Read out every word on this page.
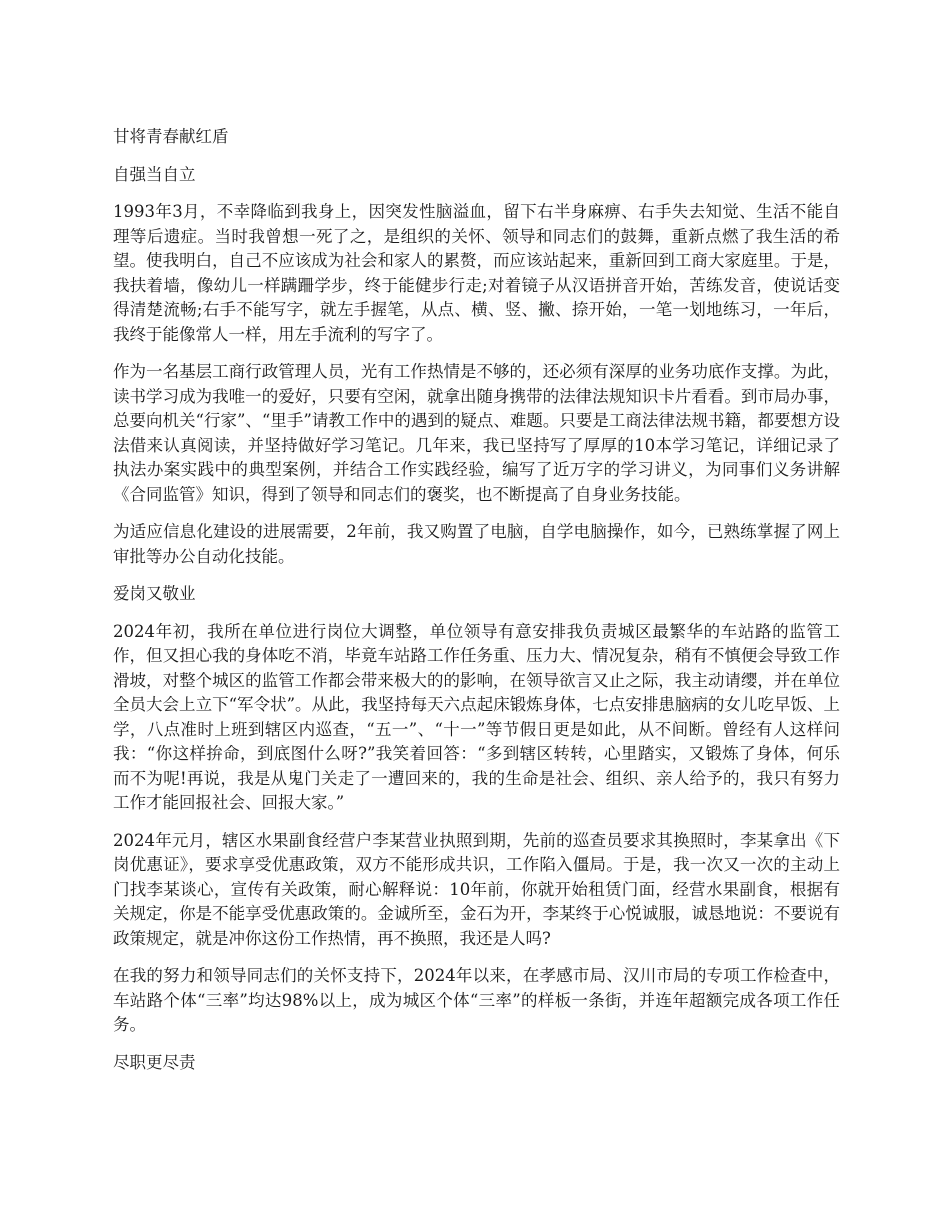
甘将青春献红盾

自强当自立

1993年3月，不幸降临到我身上，因突发性脑溢血，留下右半身麻痹、右手失去知觉、生活不能自理等后遗症。当时我曾想一死了之，是组织的关怀、领导和同志们的鼓舞，重新点燃了我生活的希望。使我明白，自己不应该成为社会和家人的累赘，而应该站起来，重新回到工商大家庭里。于是，我扶着墙，像幼儿一样蹒跚学步，终于能健步行走;对着镜子从汉语拼音开始，苦练发音，使说话变得清楚流畅;右手不能写字，就左手握笔，从点、横、竖、撇、捺开始，一笔一划地练习，一年后，我终于能像常人一样，用左手流利的写字了。

作为一名基层工商行政管理人员，光有工作热情是不够的，还必须有深厚的业务功底作支撑。为此，读书学习成为我唯一的爱好，只要有空闲，就拿出随身携带的法律法规知识卡片看看。到市局办事，总要向机关“行家”、“里手”请教工作中的遇到的疑点、难题。只要是工商法律法规书籍，都要想方设法借来认真阅读，并坚持做好学习笔记。几年来，我已坚持写了厚厚的10本学习笔记，详细记录了执法办案实践中的典型案例，并结合工作实践经验，编写了近万字的学习讲义，为同事们义务讲解《合同监管》知识，得到了领导和同志们的褒奖，也不断提高了自身业务技能。

为适应信息化建设的进展需要，2年前，我又购置了电脑，自学电脑操作，如今，已熟练掌握了网上审批等办公自动化技能。

爱岗又敬业

2024年初，我所在单位进行岗位大调整，单位领导有意安排我负责城区最繁华的车站路的监管工作，但又担心我的身体吃不消，毕竟车站路工作任务重、压力大、情况复杂，稍有不慎便会导致工作滑坡，对整个城区的监管工作都会带来极大的的影响，在领导欲言又止之际，我主动请缨，并在单位全员大会上立下“军令状”。从此，我坚持每天六点起床锻炼身体，七点安排患脑病的女儿吃早饭、上学，八点准时上班到辖区内巡查，“五一”、“十一”等节假日更是如此，从不间断。曾经有人这样问我：“你这样拚命，到底图什么呀?”我笑着回答：“多到辖区转转，心里踏实，又锻炼了身体，何乐而不为呢!再说，我是从鬼门关走了一遭回来的，我的生命是社会、组织、亲人给予的，我只有努力工作才能回报社会、回报大家。”

2024年元月，辖区水果副食经营户李某营业执照到期，先前的巡查员要求其换照时，李某拿出《下岗优惠证》，要求享受优惠政策，双方不能形成共识，工作陷入僵局。于是，我一次又一次的主动上门找李某谈心，宣传有关政策，耐心解释说：10年前，你就开始租赁门面，经营水果副食，根据有关规定，你是不能享受优惠政策的。金诚所至，金石为开，李某终于心悦诚服，诚恳地说：不要说有政策规定，就是冲你这份工作热情，再不换照，我还是人吗?

在我的努力和领导同志们的关怀支持下，2024年以来，在孝感市局、汉川市局的专项工作检查中，车站路个体“三率”均达98%以上，成为城区个体“三率”的样板一条街，并连年超额完成各项工作任务。

尽职更尽责
